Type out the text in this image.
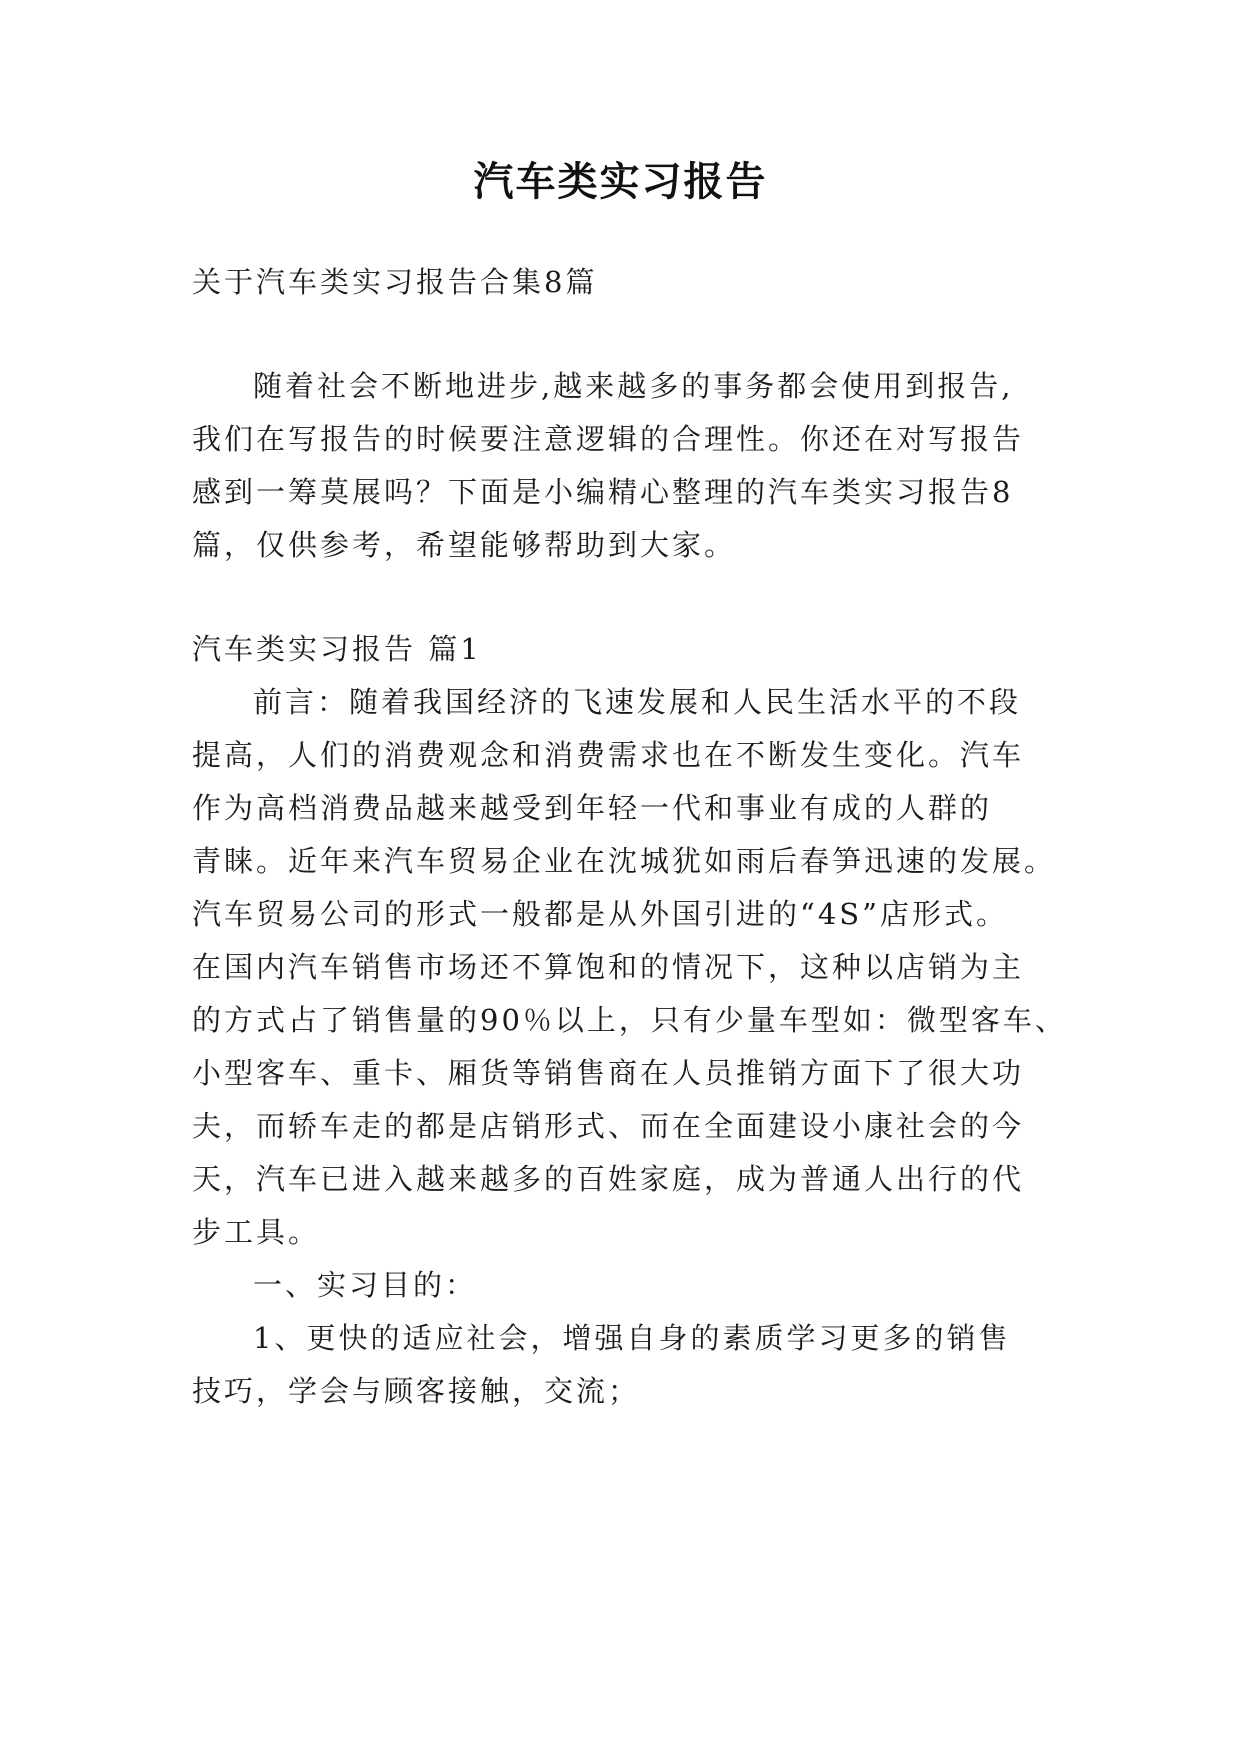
汽车类实习报告
关于汽车类实习报告合集8篇
随着社会不断地进步,越来越多的事务都会使用到报告,
我们在写报告的时候要注意逻辑的合理性。你还在对写报告
感到一筹莫展吗？下面是小编精心整理的汽车类实习报告8
篇，仅供参考，希望能够帮助到大家。
汽车类实习报告 篇1
前言：随着我国经济的飞速发展和人民生活水平的不段
提高，人们的消费观念和消费需求也在不断发生变化。汽车
作为高档消费品越来越受到年轻一代和事业有成的人群的
青睐。近年来汽车贸易企业在沈城犹如雨后春笋迅速的发展。
汽车贸易公司的形式一般都是从外国引进的“4S”店形式。
在国内汽车销售市场还不算饱和的情况下，这种以店销为主
的方式占了销售量的90％以上，只有少量车型如：微型客车、
小型客车、重卡、厢货等销售商在人员推销方面下了很大功
夫，而轿车走的都是店销形式、而在全面建设小康社会的今
天，汽车已进入越来越多的百姓家庭，成为普通人出行的代
步工具。
一、实习目的：
1、更快的适应社会，增强自身的素质学习更多的销售
技巧，学会与顾客接触，交流；
